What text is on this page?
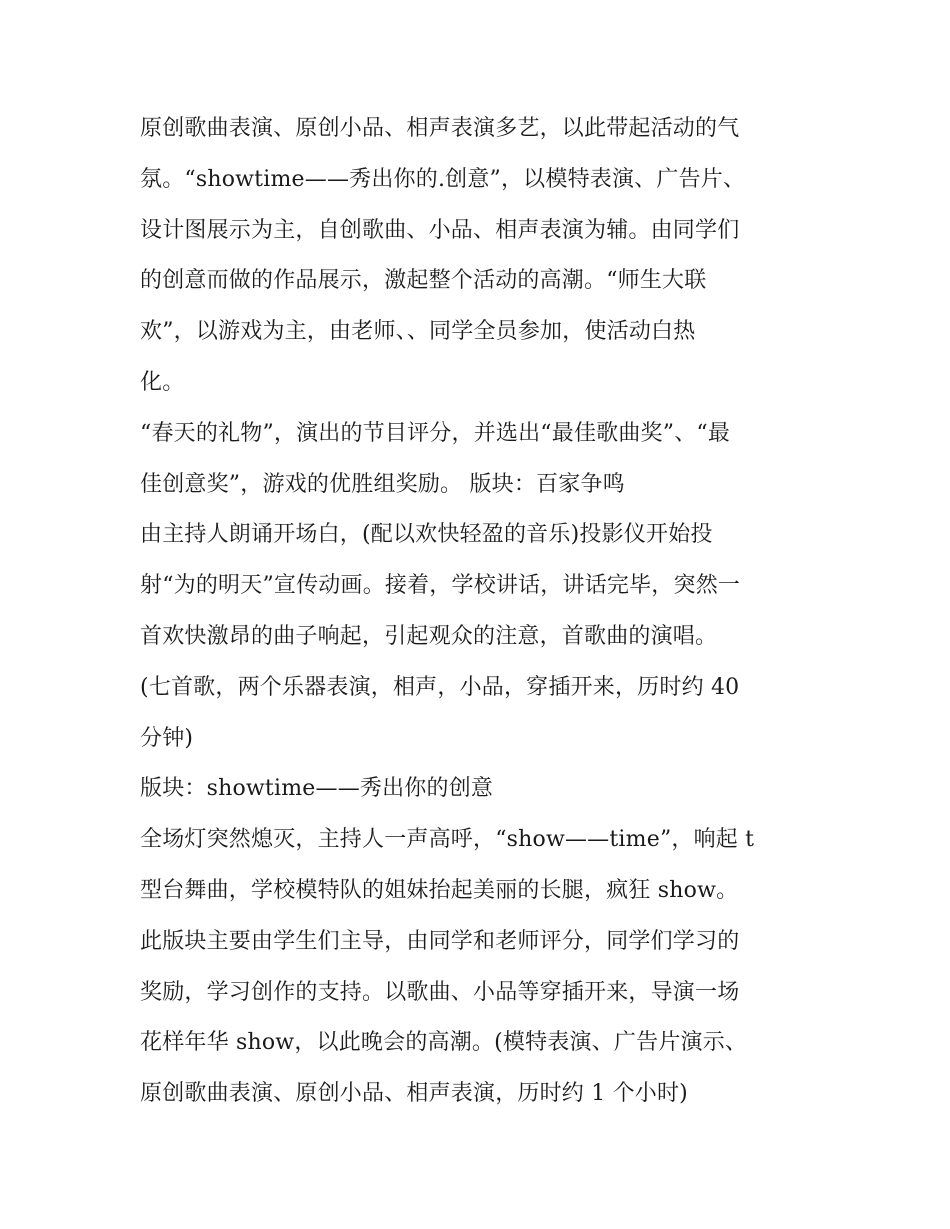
原创歌曲表演、原创小品、相声表演多艺，以此带起活动的气
氛。“showtime——秀出你的.创意”，以模特表演、广告片、
设计图展示为主，自创歌曲、小品、相声表演为辅。由同学们
的创意而做的作品展示，激起整个活动的高潮。“师生大联
欢”，以游戏为主，由老师、、同学全员参加，使活动白热
化。
“春天的礼物”，演出的节目评分，并选出“最佳歌曲奖”、“最
佳创意奖”，游戏的优胜组奖励。 版块：百家争鸣
由主持人朗诵开场白，(配以欢快轻盈的音乐)投影仪开始投
射“为的明天”宣传动画。接着，学校讲话，讲话完毕，突然一
首欢快激昂的曲子响起，引起观众的注意，首歌曲的演唱。
(七首歌，两个乐器表演，相声，小品，穿插开来，历时约 40
分钟)
版块：showtime——秀出你的创意
全场灯突然熄灭，主持人一声高呼，“show——time”，响起 t
型台舞曲，学校模特队的姐妹抬起美丽的长腿，疯狂 show。
此版块主要由学生们主导，由同学和老师评分，同学们学习的
奖励，学习创作的支持。以歌曲、小品等穿插开来，导演一场
花样年华 show，以此晚会的高潮。(模特表演、广告片演示、
原创歌曲表演、原创小品、相声表演，历时约 1 个小时)
